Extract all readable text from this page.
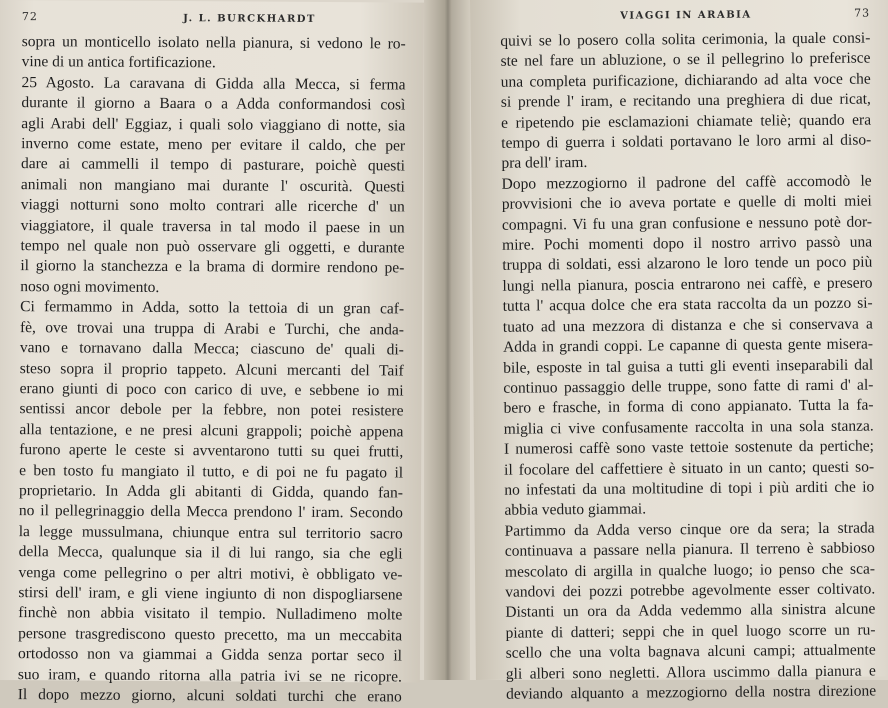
72	J. L. BURCKHARDT
sopra un monticello isolato nella pianura, si vedono le ro-
vine di un antica fortificazione.
25 Agosto. La caravana di Gidda alla Mecca, si ferma
durante il giorno a Baara o a Adda conformandosi così
agli Arabi dell' Eggiaz, i quali solo viaggiano di notte, sia
inverno come estate, meno per evitare il caldo, che per
dare ai cammelli il tempo di pasturare, poichè questi
animali non mangiano mai durante l' oscurità. Questi
viaggi notturni sono molto contrari alle ricerche d' un
viaggiatore, il quale traversa in tal modo il paese in un
tempo nel quale non può osservare gli oggetti, e durante
il giorno la stanchezza e la brama di dormire rendono pe-
noso ogni movimento.
Ci fermammo in Adda, sotto la tettoia di un gran caf-
fè, ove trovai una truppa di Arabi e Turchi, che anda-
vano e tornavano dalla Mecca; ciascuno de' quali di-
steso sopra il proprio tappeto. Alcuni mercanti del Taif
erano giunti di poco con carico di uve, e sebbene io mi
sentissi ancor debole per la febbre, non potei resistere
alla tentazione, e ne presi alcuni grappoli; poichè appena
furono aperte le ceste si avventarono tutti su quei frutti,
e ben tosto fu mangiato il tutto, e di poi ne fu pagato il
proprietario. In Adda gli abitanti di Gidda, quando fan-
no il pellegrinaggio della Mecca prendono l' iram. Secondo
la legge mussulmana, chiunque entra sul territorio sacro
della Mecca, qualunque sia il di lui rango, sia che egli
venga come pellegrino o per altri motivi, è obbligato ve-
stirsi dell' iram, e gli viene ingiunto di non dispogliarsene
finchè non abbia visitato il tempio. Nulladimeno molte
persone trasgrediscono questo precetto, ma un meccabita
ortodosso non va giammai a Gidda senza portar seco il
suo iram, e quando ritorna alla patria ivi se ne ricopre.
Il dopo mezzo giorno, alcuni soldati turchi che erano
VIAGGI IN ARABIA	73
quivi se lo posero colla solita cerimonia, la quale consi-
ste nel fare un abluzione, o se il pellegrino lo preferisce
una completa purificazione, dichiarando ad alta voce che
si prende l' iram, e recitando una preghiera di due ricat,
e ripetendo pie esclamazioni chiamate teliè; quando era
tempo di guerra i soldati portavano le loro armi al diso-
pra dell' iram.
Dopo mezzogiorno il padrone del caffè accomodò le
provvisioni che io aveva portate e quelle di molti miei
compagni. Vi fu una gran confusione e nessuno potè dor-
mire. Pochi momenti dopo il nostro arrivo passò una
truppa di soldati, essi alzarono le loro tende un poco più
lungi nella pianura, poscia entrarono nei caffè, e presero
tutta l' acqua dolce che era stata raccolta da un pozzo si-
tuato ad una mezzora di distanza e che si conservava a
Adda in grandi coppi. Le capanne di questa gente misera-
bile, esposte in tal guisa a tutti gli eventi inseparabili dal
continuo passaggio delle truppe, sono fatte di rami d' al-
bero e frasche, in forma di cono appianato. Tutta la fa-
miglia ci vive confusamente raccolta in una sola stanza.
I numerosi caffè sono vaste tettoie sostenute da pertiche;
il focolare del caffettiere è situato in un canto; questi so-
no infestati da una moltitudine di topi i più arditi che io
abbia veduto giammai.
Partimmo da Adda verso cinque ore da sera; la strada
continuava a passare nella pianura. Il terreno è sabbioso
mescolato di argilla in qualche luogo; io penso che sca-
vandovi dei pozzi potrebbe agevolmente esser coltivato.
Distanti un ora da Adda vedemmo alla sinistra alcune
piante di datteri; seppi che in quel luogo scorre un ru-
scello che una volta bagnava alcuni campi; attualmente
gli alberi sono negletti. Allora uscimmo dalla pianura e
deviando alquanto a mezzogiorno della nostra direzione
